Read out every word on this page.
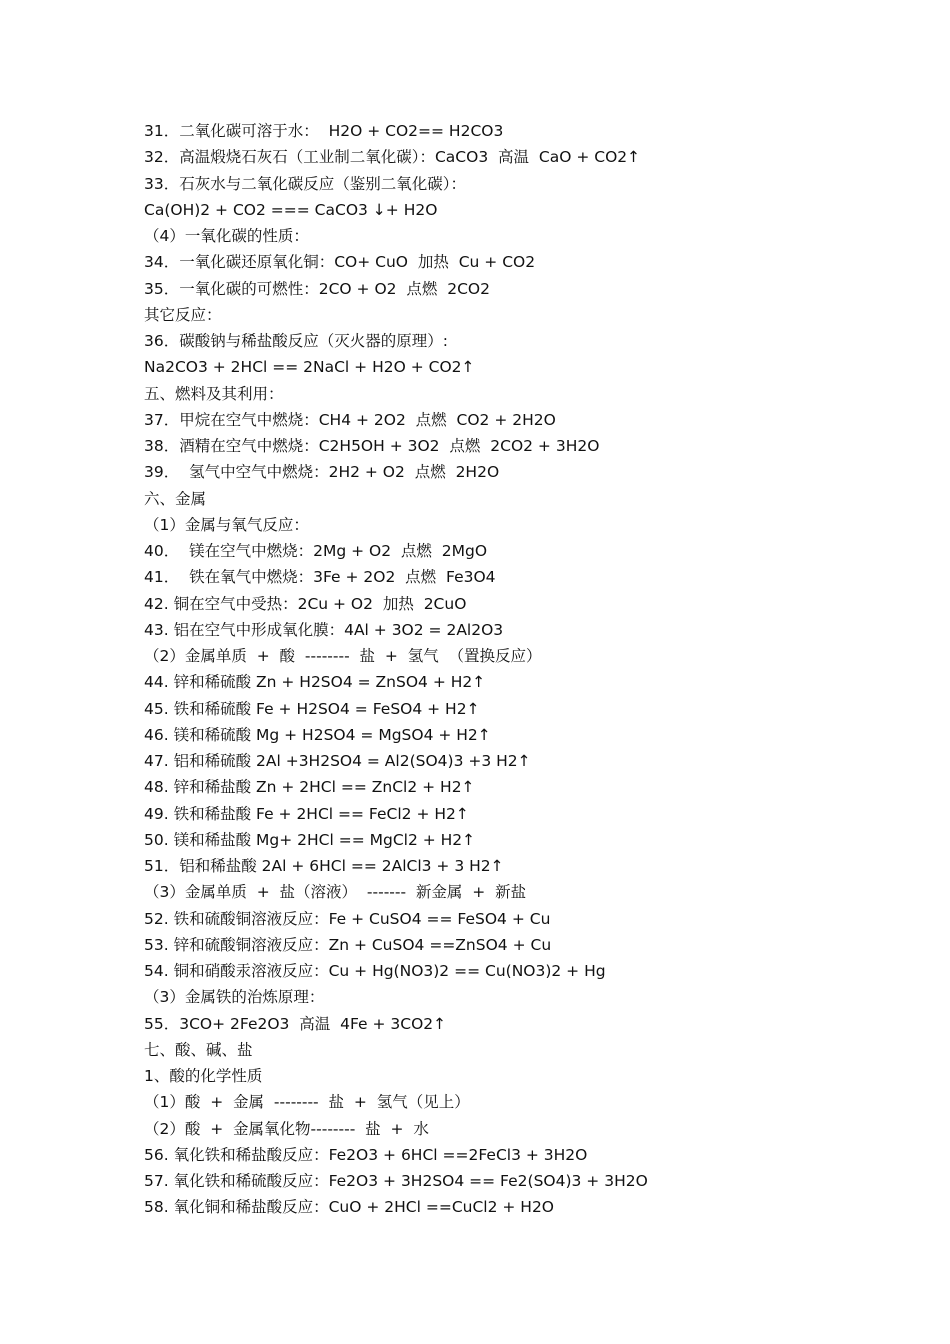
31．二氧化碳可溶于水：  H2O + CO2== H2CO3
32．高温煅烧石灰石（工业制二氧化碳）：CaCO3  高温  CaO + CO2↑
33．石灰水与二氧化碳反应（鉴别二氧化碳）：
Ca(OH)2 + CO2 === CaCO3 ↓+ H2O
（4）一氧化碳的性质：
34．一氧化碳还原氧化铜：CO+ CuO  加热  Cu + CO2
35．一氧化碳的可燃性：2CO + O2  点燃  2CO2
其它反应：
36．碳酸钠与稀盐酸反应（灭火器的原理）:
Na2CO3 + 2HCl == 2NaCl + H2O + CO2↑
五、燃料及其利用：
37．甲烷在空气中燃烧：CH4 + 2O2  点燃  CO2 + 2H2O
38．酒精在空气中燃烧：C2H5OH + 3O2  点燃  2CO2 + 3H2O
39．  氢气中空气中燃烧：2H2 + O2  点燃  2H2O
六、金属
（1）金属与氧气反应：
40．  镁在空气中燃烧：2Mg + O2  点燃  2MgO
41．  铁在氧气中燃烧：3Fe + 2O2  点燃  Fe3O4
42. 铜在空气中受热：2Cu + O2  加热  2CuO
43. 铝在空气中形成氧化膜：4Al + 3O2 = 2Al2O3
（2）金属单质  +  酸  --------  盐  +  氢气  （置换反应）
44. 锌和稀硫酸 Zn + H2SO4 = ZnSO4 + H2↑
45. 铁和稀硫酸 Fe + H2SO4 = FeSO4 + H2↑
46. 镁和稀硫酸 Mg + H2SO4 = MgSO4 + H2↑
47. 铝和稀硫酸 2Al +3H2SO4 = Al2(SO4)3 +3 H2↑
48. 锌和稀盐酸 Zn + 2HCl == ZnCl2 + H2↑
49. 铁和稀盐酸 Fe + 2HCl == FeCl2 + H2↑
50. 镁和稀盐酸 Mg+ 2HCl == MgCl2 + H2↑
51．铝和稀盐酸 2Al + 6HCl == 2AlCl3 + 3 H2↑
（3）金属单质  +  盐（溶液）  -------  新金属  +  新盐
52. 铁和硫酸铜溶液反应：Fe + CuSO4 == FeSO4 + Cu
53. 锌和硫酸铜溶液反应：Zn + CuSO4 ==ZnSO4 + Cu
54. 铜和硝酸汞溶液反应：Cu + Hg(NO3)2 == Cu(NO3)2 + Hg
（3）金属铁的治炼原理：
55．3CO+ 2Fe2O3  高温  4Fe + 3CO2↑
七、酸、碱、盐
1、酸的化学性质
（1）酸  +  金属  --------  盐  +  氢气（见上）
（2）酸  +  金属氧化物--------  盐  +  水
56. 氧化铁和稀盐酸反应：Fe2O3 + 6HCl ==2FeCl3 + 3H2O
57. 氧化铁和稀硫酸反应：Fe2O3 + 3H2SO4 == Fe2(SO4)3 + 3H2O
58. 氧化铜和稀盐酸反应：CuO + 2HCl ==CuCl2 + H2O
